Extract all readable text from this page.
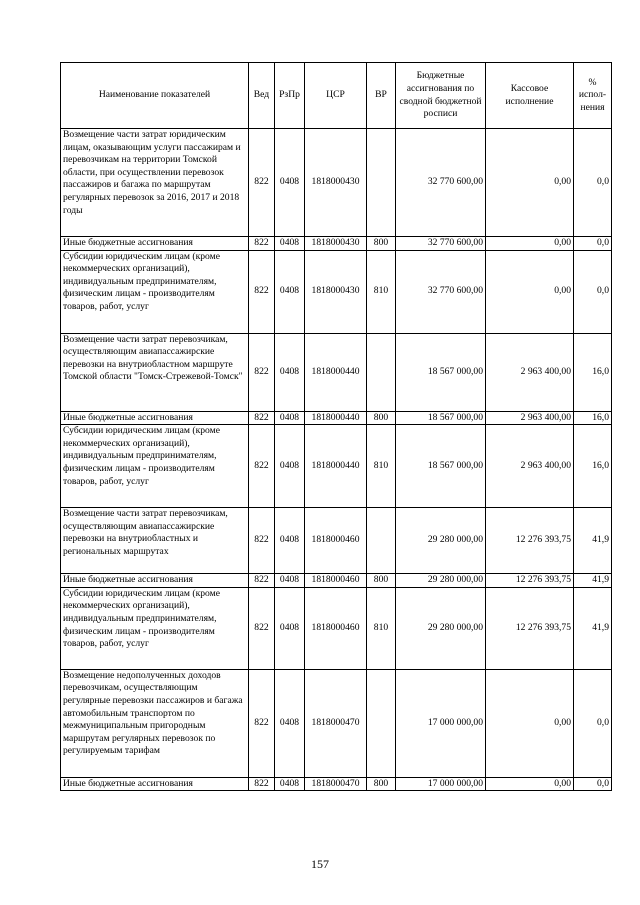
Наименование показателей	Вед	РзПр	ЦСР	ВР	Бюджетные ассигнования по сводной бюджетной росписи	Кассовое исполнение	% испол-нения
Возмещение части затрат юридическим лицам, оказывающим услуги пассажирам и перевозчикам на территории Томской области, при осуществлении перевозок пассажиров и багажа по маршрутам регулярных перевозок за 2016, 2017 и 2018 годы	822	0408	1818000430		32 770 600,00	0,00	0,0
Иные бюджетные ассигнования	822	0408	1818000430	800	32 770 600,00	0,00	0,0
Субсидии юридическим лицам (кроме некоммерческих организаций), индивидуальным предпринимателям, физическим лицам - производителям товаров, работ, услуг	822	0408	1818000430	810	32 770 600,00	0,00	0,0
Возмещение части затрат перевозчикам, осуществляющим авиапассажирские перевозки на внутриобластном маршруте Томской области "Томск-Стрежевой-Томск"	822	0408	1818000440		18 567 000,00	2 963 400,00	16,0
Иные бюджетные ассигнования	822	0408	1818000440	800	18 567 000,00	2 963 400,00	16,0
Субсидии юридическим лицам (кроме некоммерческих организаций), индивидуальным предпринимателям, физическим лицам - производителям товаров, работ, услуг	822	0408	1818000440	810	18 567 000,00	2 963 400,00	16,0
Возмещение части затрат перевозчикам, осуществляющим авиапассажирские перевозки на внутриобластных и региональных маршрутах	822	0408	1818000460		29 280 000,00	12 276 393,75	41,9
Иные бюджетные ассигнования	822	0408	1818000460	800	29 280 000,00	12 276 393,75	41,9
Субсидии юридическим лицам (кроме некоммерческих организаций), индивидуальным предпринимателям, физическим лицам - производителям товаров, работ, услуг	822	0408	1818000460	810	29 280 000,00	12 276 393,75	41,9
Возмещение недополученных доходов перевозчикам, осуществляющим регулярные перевозки пассажиров и багажа автомобильным транспортом по межмуниципальным пригородным маршрутам регулярных перевозок по регулируемым тарифам	822	0408	1818000470		17 000 000,00	0,00	0,0
Иные бюджетные ассигнования	822	0408	1818000470	800	17 000 000,00	0,00	0,0
157
